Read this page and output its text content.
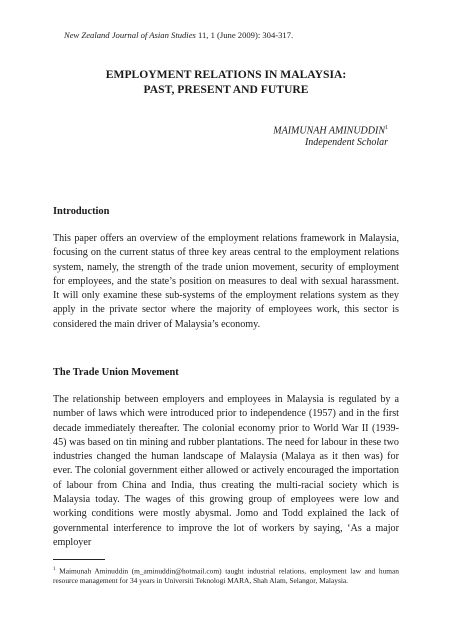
New Zealand Journal of Asian Studies 11, 1 (June 2009): 304-317.
EMPLOYMENT RELATIONS IN MALAYSIA:
PAST, PRESENT AND FUTURE
MAIMUNAH AMINUDDIN$^1$
Independent Scholar
Introduction
This paper offers an overview of the employment relations framework in Malaysia, focusing on the current status of three key areas central to the employment relations system, namely, the strength of the trade union movement, security of employment for employees, and the state’s position on measures to deal with sexual harassment. It will only examine these sub-systems of the employment relations system as they apply in the private sector where the majority of employees work, this sector is considered the main driver of Malaysia’s economy.
The Trade Union Movement
The relationship between employers and employees in Malaysia is regulated by a number of laws which were introduced prior to independence (1957) and in the first decade immediately thereafter. The colonial economy prior to World War II (1939-45) was based on tin mining and rubber plantations. The need for labour in these two industries changed the human landscape of Malaysia (Malaya as it then was) for ever. The colonial government either allowed or actively encouraged the importation of labour from China and India, thus creating the multi-racial society which is Malaysia today. The wages of this growing group of employees were low and working conditions were mostly abysmal. Jomo and Todd explained the lack of governmental interference to improve the lot of workers by saying, ‘As a major employer
$^1$ Maimunah Aminuddin (m_aminuddin@hotmail.com) taught industrial relations, employment law and human resource management for 34 years in Universiti Teknologi MARA, Shah Alam, Selangor, Malaysia.
